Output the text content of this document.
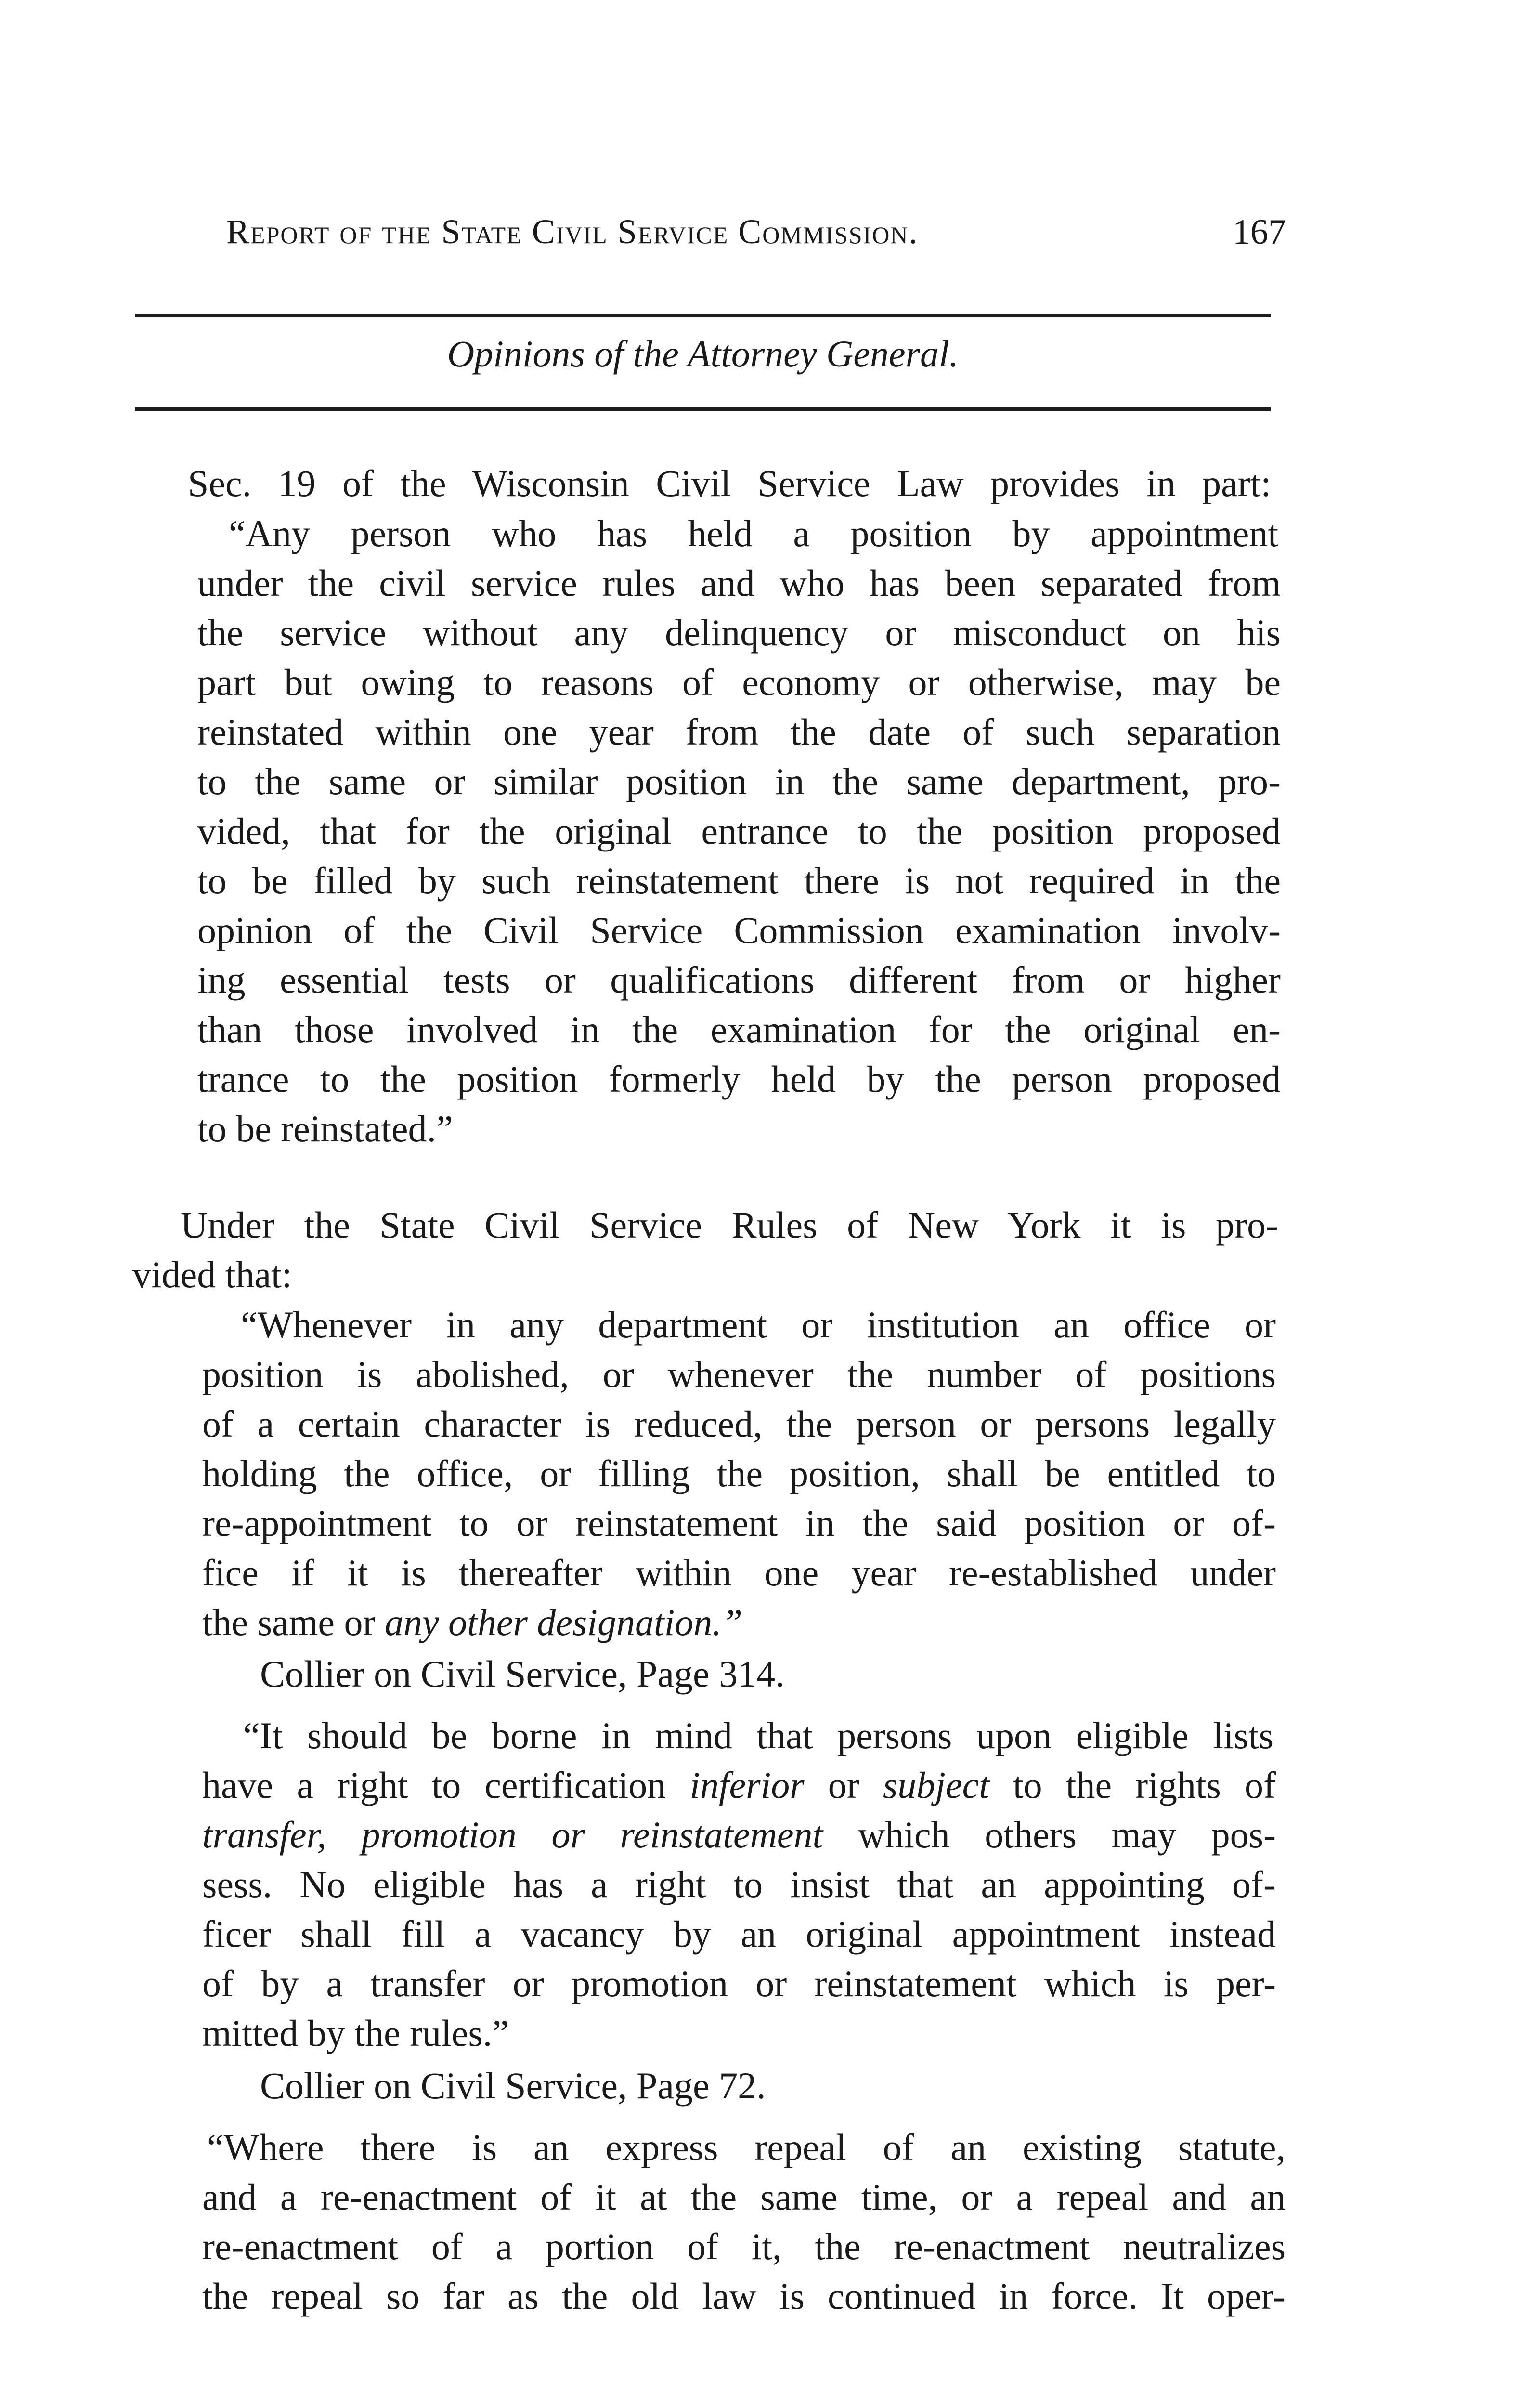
Report of the State Civil Service Commission.	167
Opinions of the Attorney General.
Sec. 19 of the Wisconsin Civil Service Law provides in part:
“Any person who has held a position by appointment
under the civil service rules and who has been separated from
the service without any delinquency or misconduct on his
part but owing to reasons of economy or otherwise, may be
reinstated within one year from the date of such separation
to the same or similar position in the same department, pro-
vided, that for the original entrance to the position proposed
to be filled by such reinstatement there is not required in the
opinion of the Civil Service Commission examination involv-
ing essential tests or qualifications different from or higher
than those involved in the examination for the original en-
trance to the position formerly held by the person proposed
to be reinstated.”
Under the State Civil Service Rules of New York it is pro-
vided that:
“Whenever in any department or institution an office or
position is abolished, or whenever the number of positions
of a certain character is reduced, the person or persons legally
holding the office, or filling the position, shall be entitled to
re-appointment to or reinstatement in the said position or of-
fice if it is thereafter within one year re-established under
the same or any other designation.”
Collier on Civil Service, Page 314.
“It should be borne in mind that persons upon eligible lists
have a right to certification inferior or subject to the rights of
transfer, promotion or reinstatement which others may pos-
sess. No eligible has a right to insist that an appointing of-
ficer shall fill a vacancy by an original appointment instead
of by a transfer or promotion or reinstatement which is per-
mitted by the rules.”
Collier on Civil Service, Page 72.
“Where there is an express repeal of an existing statute,
and a re-enactment of it at the same time, or a repeal and an
re-enactment of a portion of it, the re-enactment neutralizes
the repeal so far as the old law is continued in force. It oper-
